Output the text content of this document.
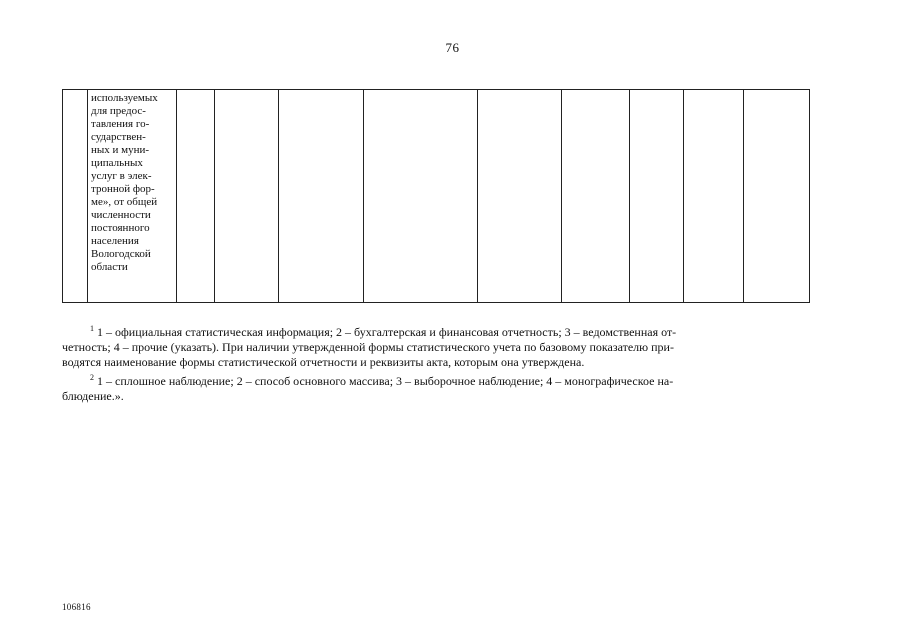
76

используемых
для предос-
тавления го-
сударствен-
ных и муни-
ципальных
услуг в элек-
тронной фор-
ме», от общей
численности
постоянного
населения
Вологодской
области

$^1$ 1 – официальная статистическая информация; 2 – бухгалтерская и финансовая отчетность; 3 – ведомственная от-
четность; 4 – прочие (указать). При наличии утвержденной формы статистического учета по базовому показателю при-
водятся наименование формы статистической отчетности и реквизиты акта, которым она утверждена.
$^2$ 1 – сплошное наблюдение; 2 – способ основного массива; 3 – выборочное наблюдение; 4 – монографическое на-
блюдение.».
106816
